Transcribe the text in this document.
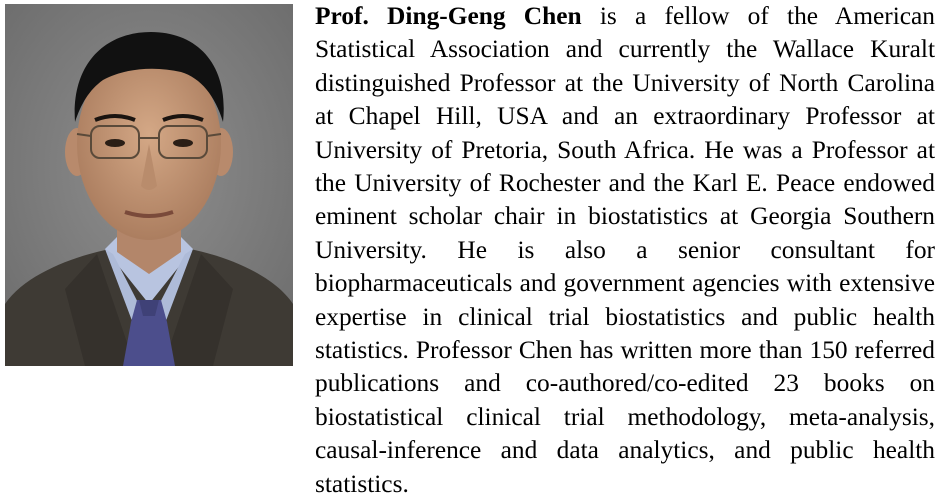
Prof. Ding-Geng Chen is a fellow of the American Statistical Association and currently the Wallace Kuralt distinguished Professor at the University of North Carolina at Chapel Hill, USA and an extraordinary Professor at University of Pretoria, South Africa. He was a Professor at the University of Rochester and the Karl E. Peace endowed eminent scholar chair in biostatistics at Georgia Southern University. He is also a senior consultant for biopharmaceuticals and government agencies with extensive expertise in clinical trial biostatistics and public health statistics. Professor Chen has written more than 150 referred publications and co-authored/co-edited 23 books on biostatistical clinical trial methodology, meta-analysis, causal-inference and data analytics, and public health statistics.
